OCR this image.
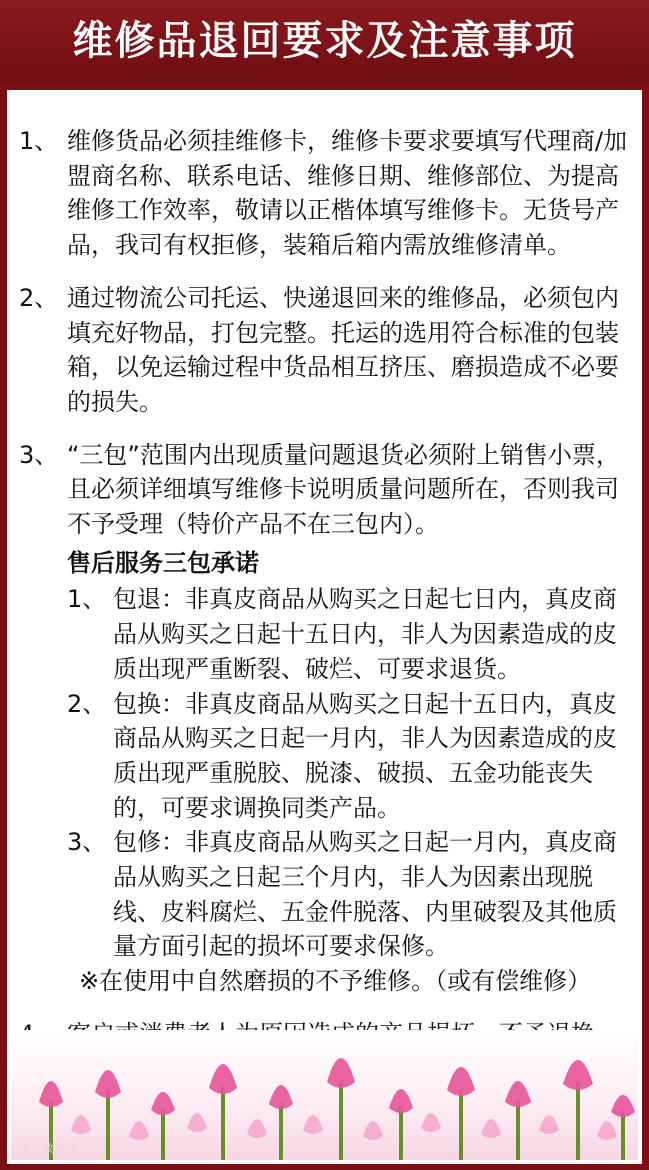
维修品退回要求及注意事项
1、 维修货品必须挂维修卡，维修卡要求要填写代理商/加盟商名称、联系电话、维修日期、维修部位、为提高维修工作效率，敬请以正楷体填写维修卡。无货号产品，我司有权拒修，装箱后箱内需放维修清单。
2、 通过物流公司托运、快递退回来的维修品，必须包内填充好物品，打包完整。托运的选用符合标准的包装箱，以免运输过程中货品相互挤压、磨损造成不必要的损失。
3、 “三包”范围内出现质量问题退货必须附上销售小票，且必须详细填写维修卡说明质量问题所在，否则我司不予受理（特价产品不在三包内）。
售后服务三包承诺
1、 包退：非真皮商品从购买之日起七日内，真皮商品从购买之日起十五日内，非人为因素造成的皮质出现严重断裂、破烂、可要求退货。
2、 包换：非真皮商品从购买之日起十五日内，真皮商品从购买之日起一月内，非人为因素造成的皮质出现严重脱胶、脱漆、破损、五金功能丧失的，可要求调换同类产品。
3、 包修：非真皮商品从购买之日起一月内，真皮商品从购买之日起三个月内，非人为因素出现脱线、皮料腐烂、五金件脱落、内里破裂及其他质量方面引起的损坏可要求保修。
※在使用中自然磨损的不予维修。（或有偿维修）
众 人教育网
